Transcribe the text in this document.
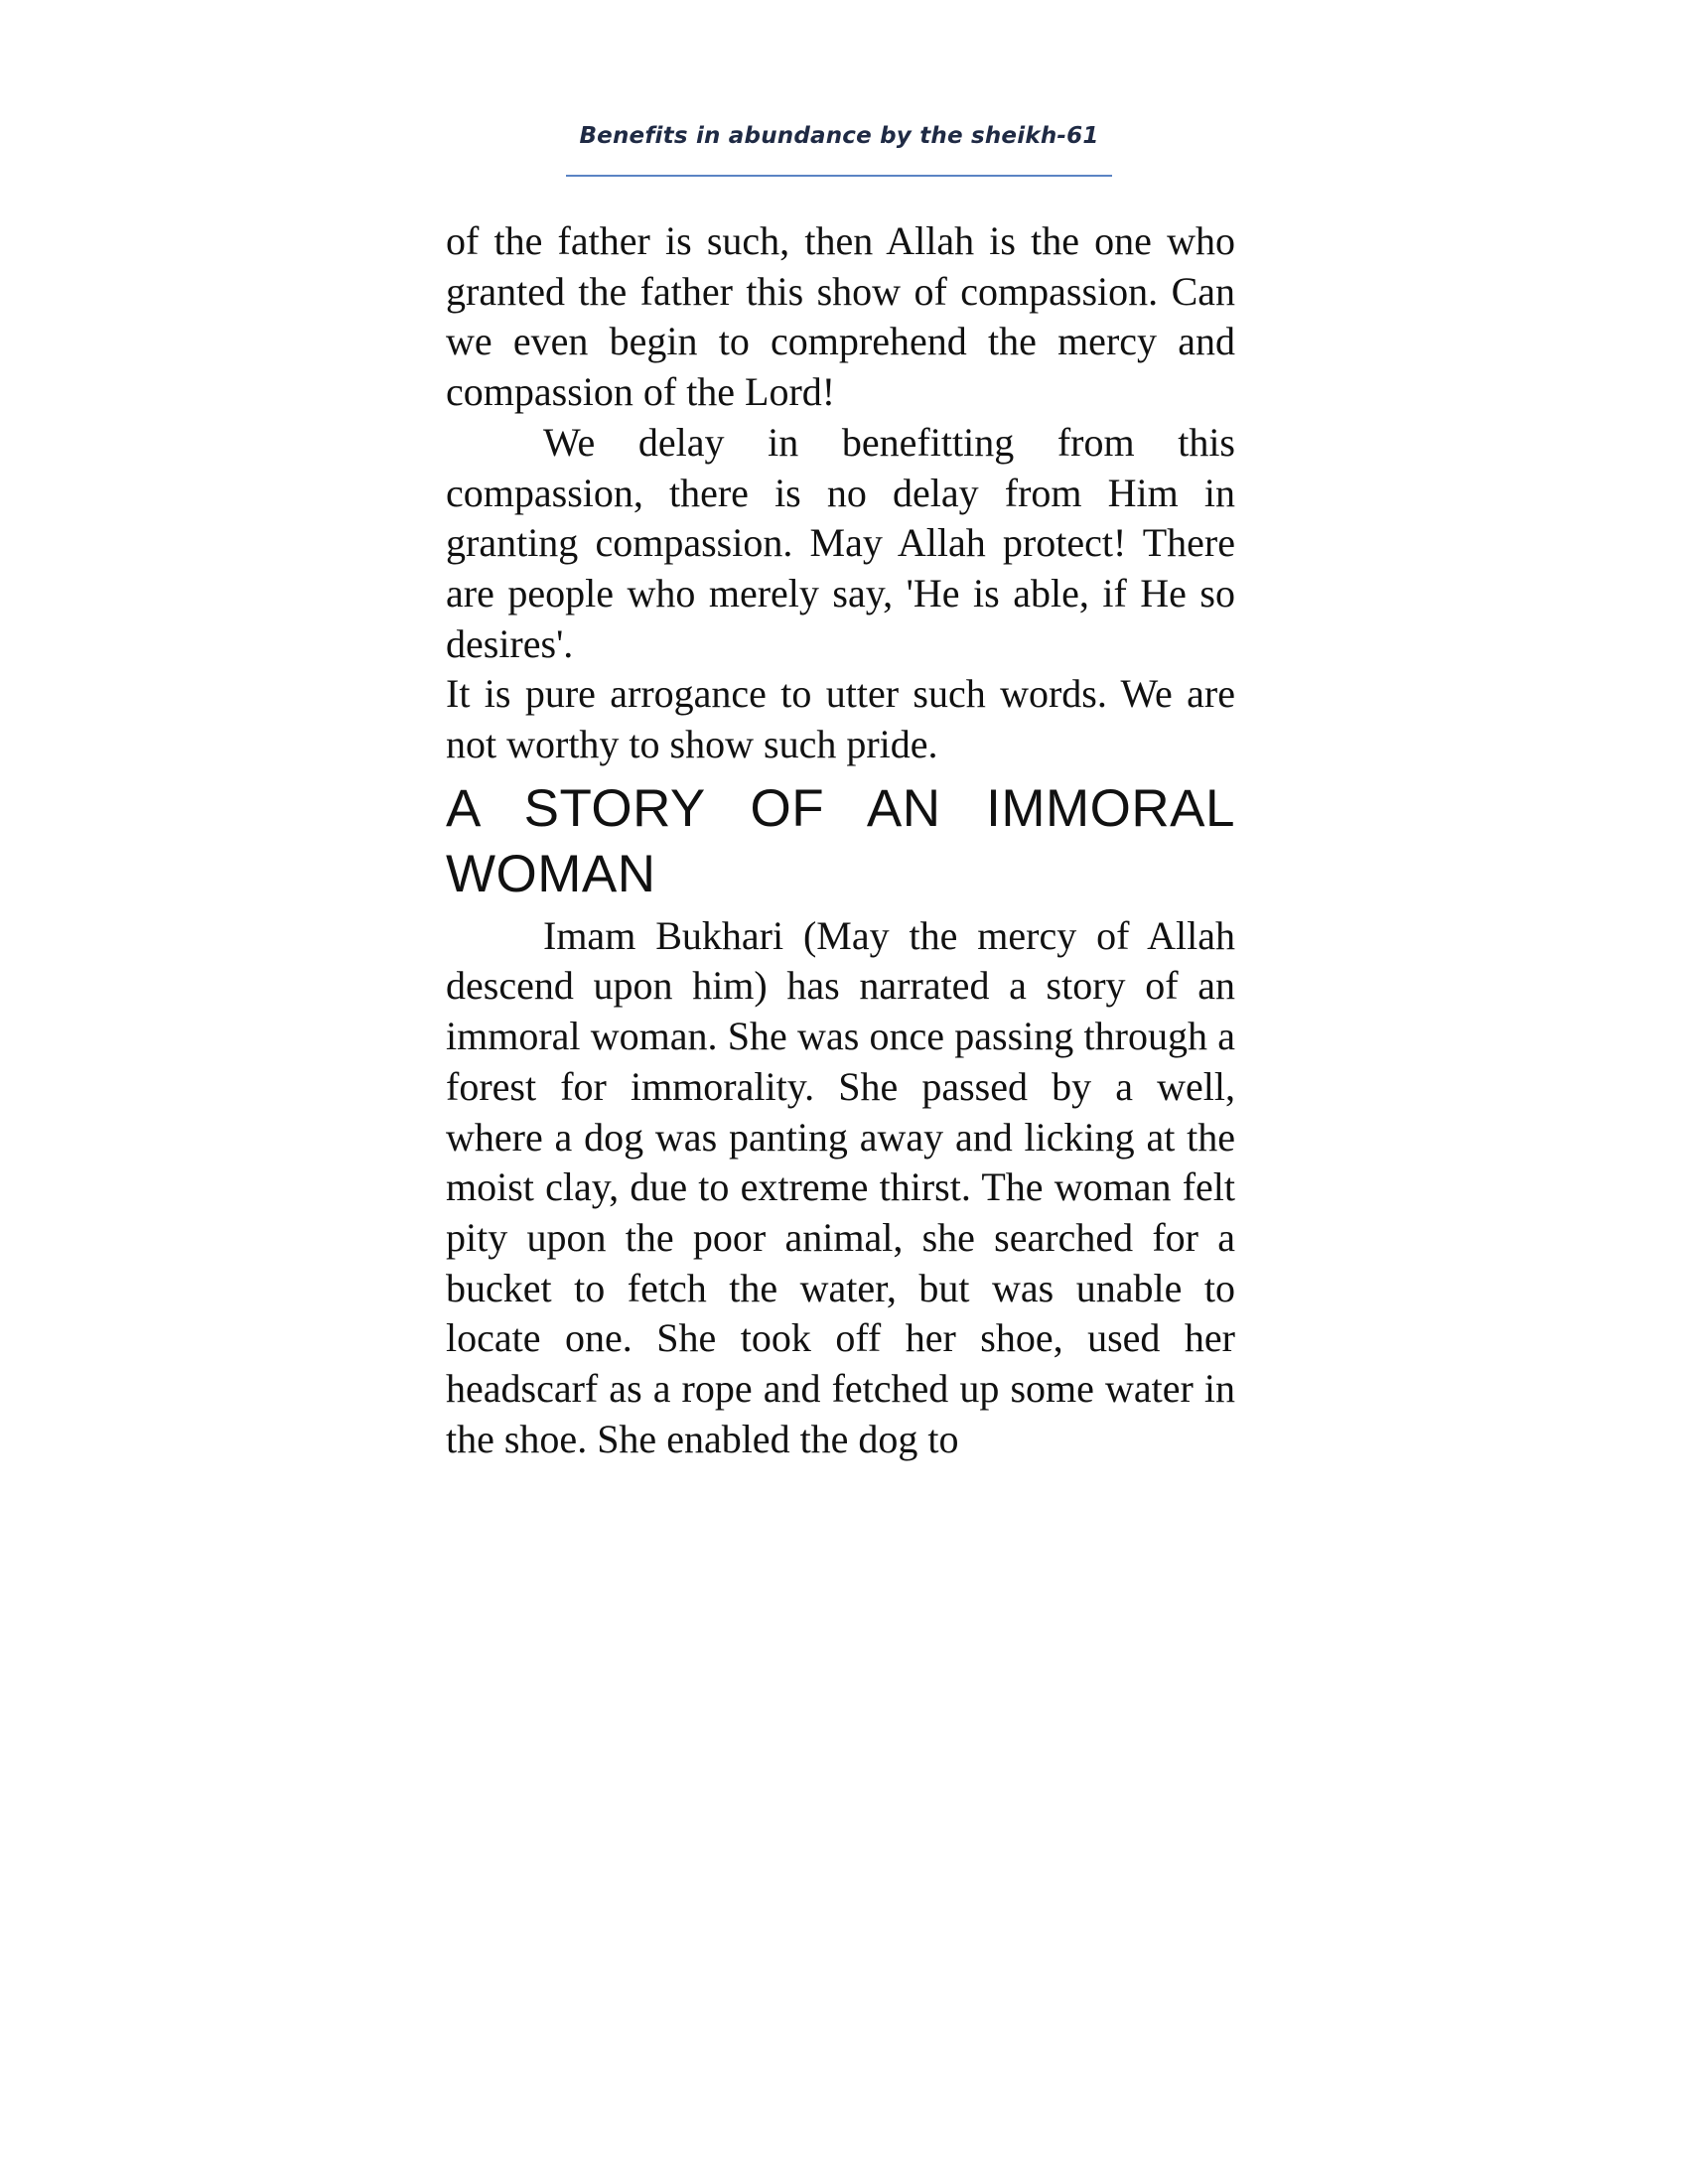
Benefits in abundance by the sheikh-61

of the father is such, then Allah is the one who granted the father this show of compassion. Can we even begin to comprehend the mercy and compassion of the Lord!

We delay in benefitting from this compassion, there is no delay from Him in granting compassion. May Allah protect! There are people who merely say, 'He is able, if He so desires'.

It is pure arrogance to utter such words. We are not worthy to show such pride.

A STORY OF AN IMMORAL WOMAN

Imam Bukhari (May the mercy of Allah descend upon him) has narrated a story of an immoral woman. She was once passing through a forest for immorality. She passed by a well, where a dog was panting away and licking at the moist clay, due to extreme thirst. The woman felt pity upon the poor animal, she searched for a bucket to fetch the water, but was unable to locate one. She took off her shoe, used her headscarf as a rope and fetched up some water in the shoe. She enabled the dog to
